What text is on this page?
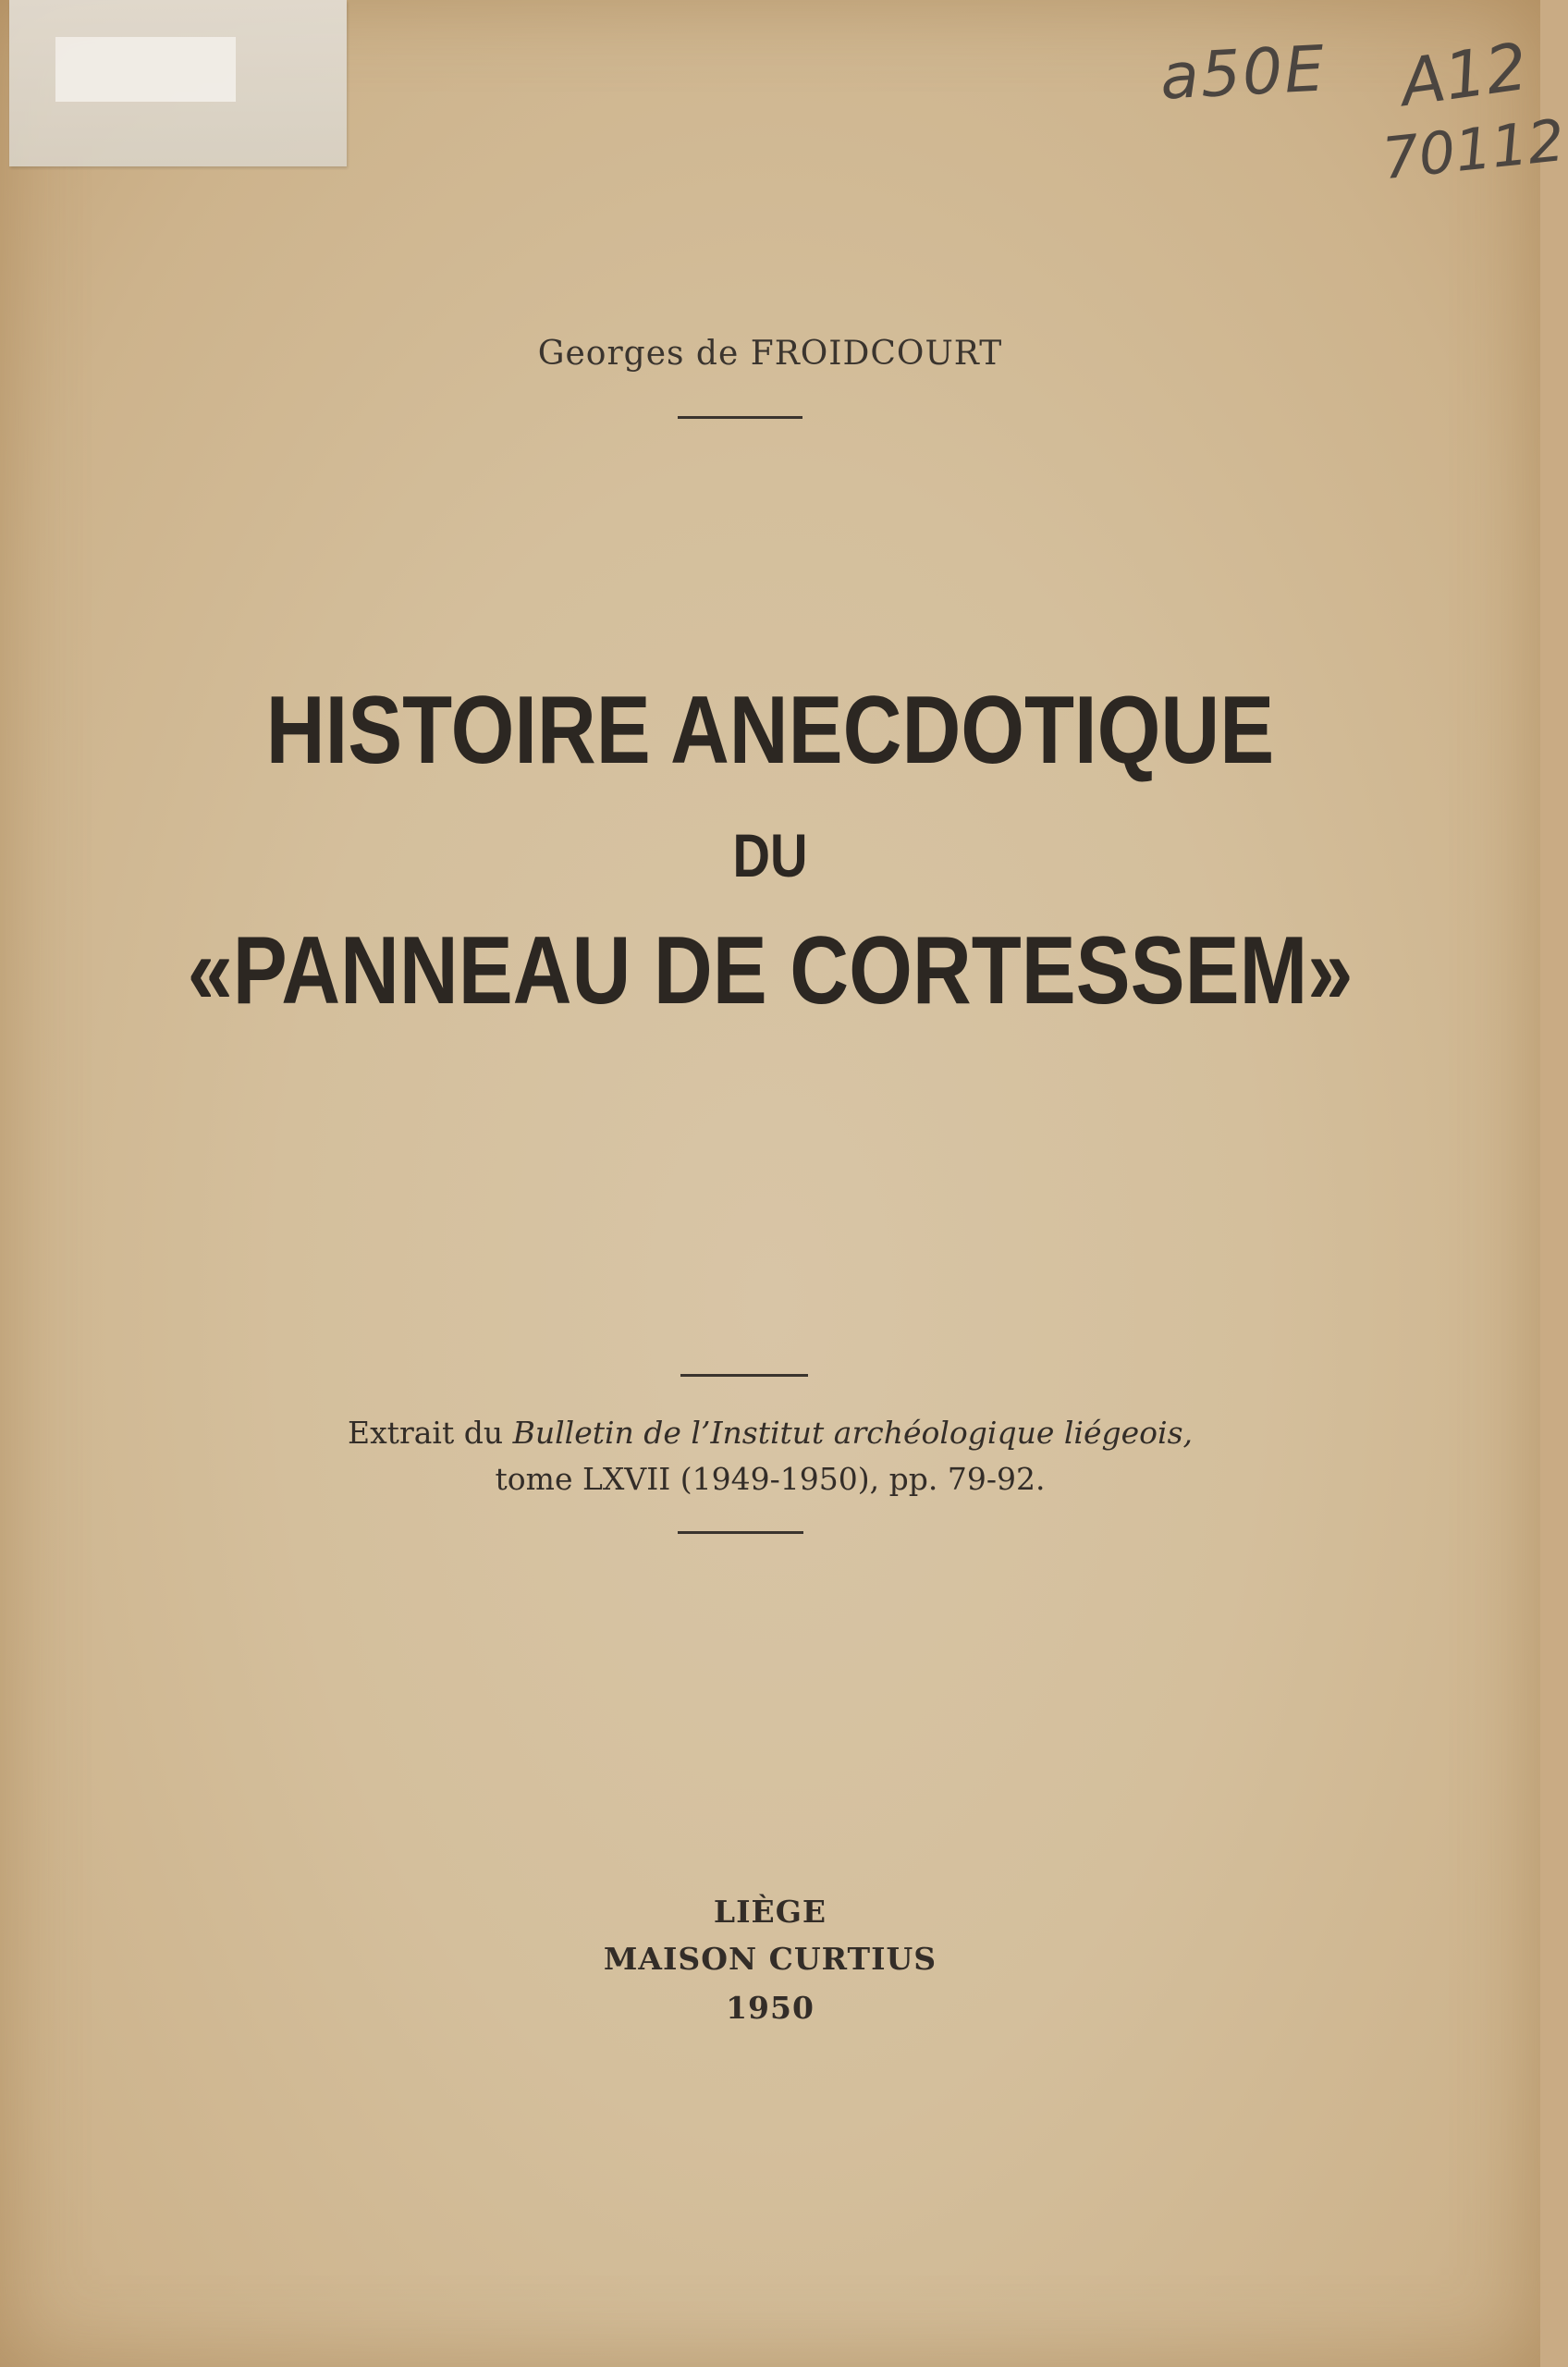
a50E A12
70112
Georges de FROIDCOURT
HISTOIRE ANECDOTIQUE
DU
«PANNEAU DE CORTESSEM»
Extrait du Bulletin de l’Institut archéologique liégeois,
tome LXVII (1949-1950), pp. 79-92.
LIÈGE
MAISON CURTIUS
1950
